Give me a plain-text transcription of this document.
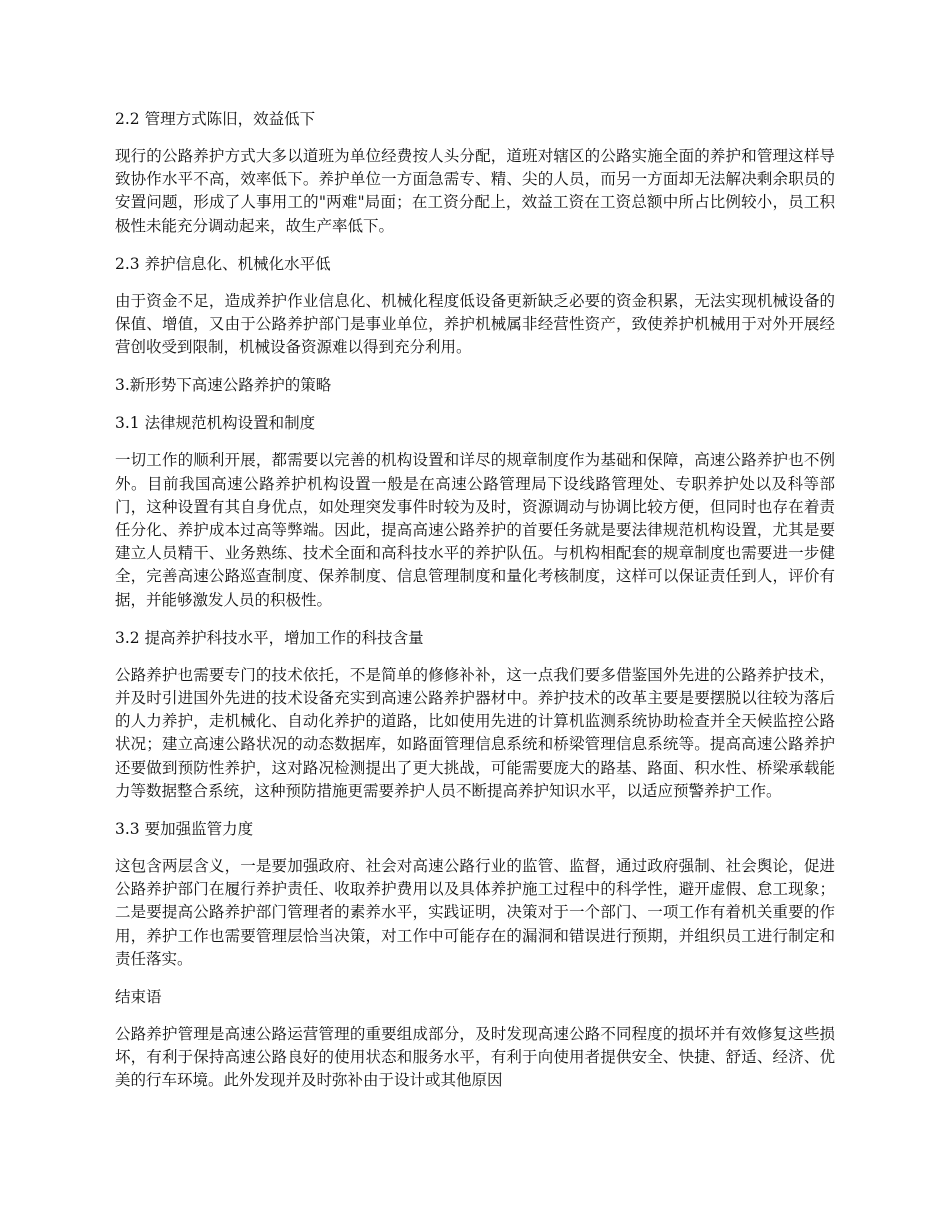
2.2 管理方式陈旧，效益低下
现行的公路养护方式大多以道班为单位经费按人头分配，道班对辖区的公路实施全面的养护和管理这样导致协作水平不高，效率低下。养护单位一方面急需专、精、尖的人员，而另一方面却无法解决剩余职员的安置问题，形成了人事用工的"两难"局面；在工资分配上，效益工资在工资总额中所占比例较小，员工积极性未能充分调动起来，故生产率低下。
2.3 养护信息化、机械化水平低
由于资金不足，造成养护作业信息化、机械化程度低设备更新缺乏必要的资金积累，无法实现机械设备的保值、增值，又由于公路养护部门是事业单位，养护机械属非经营性资产，致使养护机械用于对外开展经营创收受到限制，机械设备资源难以得到充分利用。
3.新形势下高速公路养护的策略
3.1 法律规范机构设置和制度
一切工作的顺利开展，都需要以完善的机构设置和详尽的规章制度作为基础和保障，高速公路养护也不例外。目前我国高速公路养护机构设置一般是在高速公路管理局下设线路管理处、专职养护处以及科等部门，这种设置有其自身优点，如处理突发事件时较为及时，资源调动与协调比较方便，但同时也存在着责任分化、养护成本过高等弊端。因此，提高高速公路养护的首要任务就是要法律规范机构设置，尤其是要建立人员精干、业务熟练、技术全面和高科技水平的养护队伍。与机构相配套的规章制度也需要进一步健全，完善高速公路巡查制度、保养制度、信息管理制度和量化考核制度，这样可以保证责任到人，评价有据，并能够激发人员的积极性。
3.2 提高养护科技水平，增加工作的科技含量
公路养护也需要专门的技术依托，不是简单的修修补补，这一点我们要多借鉴国外先进的公路养护技术，并及时引进国外先进的技术设备充实到高速公路养护器材中。养护技术的改革主要是要摆脱以往较为落后的人力养护，走机械化、自动化养护的道路，比如使用先进的计算机监测系统协助检查并全天候监控公路状况；建立高速公路状况的动态数据库，如路面管理信息系统和桥梁管理信息系统等。提高高速公路养护还要做到预防性养护，这对路况检测提出了更大挑战，可能需要庞大的路基、路面、积水性、桥梁承载能力等数据整合系统，这种预防措施更需要养护人员不断提高养护知识水平，以适应预警养护工作。
3.3 要加强监管力度
这包含两层含义，一是要加强政府、社会对高速公路行业的监管、监督，通过政府强制、社会舆论，促进公路养护部门在履行养护责任、收取养护费用以及具体养护施工过程中的科学性，避开虚假、怠工现象；二是要提高公路养护部门管理者的素养水平，实践证明，决策对于一个部门、一项工作有着机关重要的作用，养护工作也需要管理层恰当决策，对工作中可能存在的漏洞和错误进行预期，并组织员工进行制定和责任落实。
结束语
公路养护管理是高速公路运营管理的重要组成部分，及时发现高速公路不同程度的损坏并有效修复这些损坏，有利于保持高速公路良好的使用状态和服务水平，有利于向使用者提供安全、快捷、舒适、经济、优美的行车环境。此外发现并及时弥补由于设计或其他原因
